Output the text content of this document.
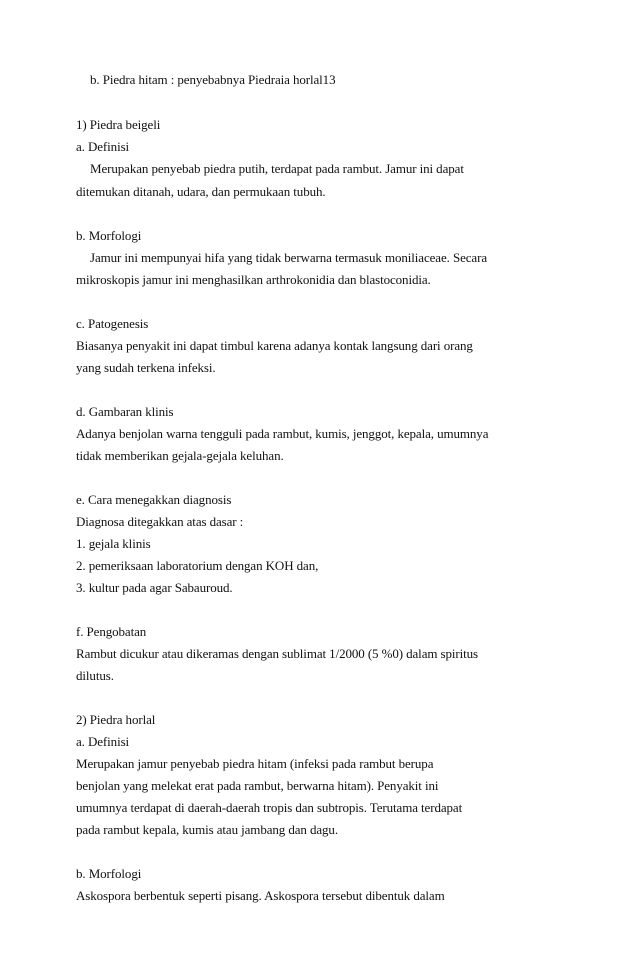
b. Piedra hitam : penyebabnya Piedraia horlal13
1) Piedra beigeli
a. Definisi
Merupakan penyebab piedra putih, terdapat pada rambut. Jamur ini dapat
ditemukan ditanah, udara, dan permukaan tubuh.
b. Morfologi
Jamur ini mempunyai hifa yang tidak berwarna termasuk moniliaceae. Secara
mikroskopis jamur ini menghasilkan arthrokonidia dan blastoconidia.
c. Patogenesis
Biasanya penyakit ini dapat timbul karena adanya kontak langsung dari orang
yang sudah terkena infeksi.
d. Gambaran klinis
Adanya benjolan warna tengguli pada rambut, kumis, jenggot, kepala, umumnya
tidak memberikan gejala-gejala keluhan.
e. Cara menegakkan diagnosis
Diagnosa ditegakkan atas dasar :
1. gejala klinis
2. pemeriksaan laboratorium dengan KOH dan,
3. kultur pada agar Sabauroud.
f. Pengobatan
Rambut dicukur atau dikeramas dengan sublimat 1/2000 (5 %0) dalam spiritus
dilutus.
2) Piedra horlal
a. Definisi
Merupakan jamur penyebab piedra hitam (infeksi pada rambut berupa
benjolan yang melekat erat pada rambut, berwarna hitam). Penyakit ini
umumnya terdapat di daerah-daerah tropis dan subtropis. Terutama terdapat
pada rambut kepala, kumis atau jambang dan dagu.
b. Morfologi
Askospora berbentuk seperti pisang. Askospora tersebut dibentuk dalam
